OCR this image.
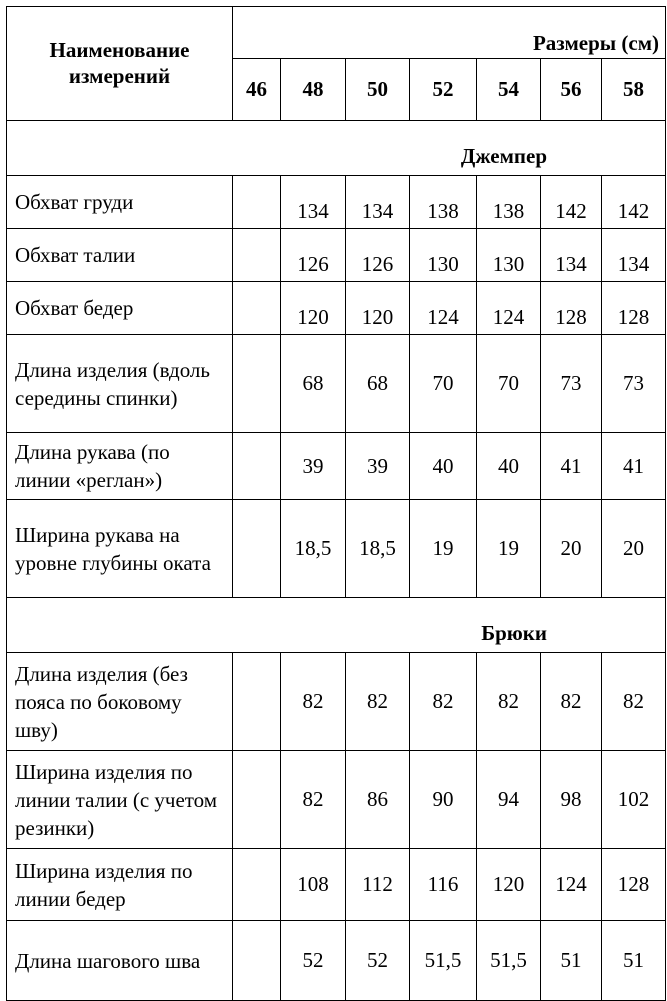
Наименование измерений	Размеры (см)						
	46	48	50	52	54	56	58
Джемпер							
Обхват груди		134	134	138	138	142	142
Обхват талии		126	126	130	130	134	134
Обхват бедер		120	120	124	124	128	128
Длина изделия (вдоль середины спинки)		68	68	70	70	73	73
Длина рукава (по линии «реглан»)		39	39	40	40	41	41
Ширина рукава на уровне глубины оката		18,5	18,5	19	19	20	20
Брюки							
Длина изделия (без пояса по боковому шву)		82	82	82	82	82	82
Ширина изделия по линии талии (с учетом резинки)		82	86	90	94	98	102
Ширина изделия по линии бедер		108	112	116	120	124	128
Длина шагового шва		52	52	51,5	51,5	51	51
